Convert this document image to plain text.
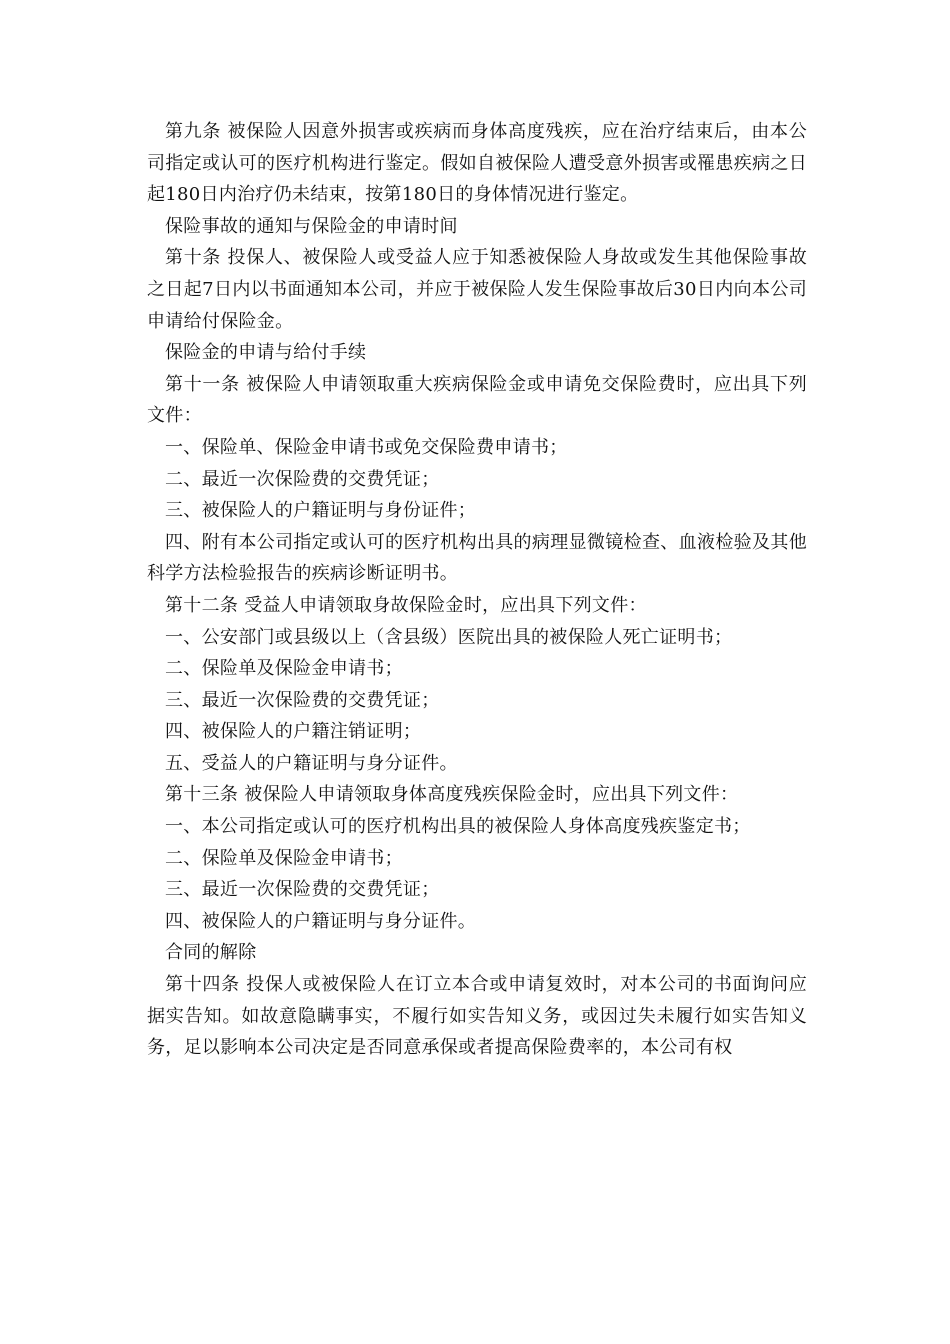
第九条 被保险人因意外损害或疾病而身体高度残疾，应在治疗结束后，由本公司指定或认可的医疗机构进行鉴定。假如自被保险人遭受意外损害或罹患疾病之日起180日内治疗仍未结束，按第180日的身体情况进行鉴定。

保险事故的通知与保险金的申请时间

第十条 投保人、被保险人或受益人应于知悉被保险人身故或发生其他保险事故之日起7日内以书面通知本公司，并应于被保险人发生保险事故后30日内向本公司申请给付保险金。

保险金的申请与给付手续

第十一条 被保险人申请领取重大疾病保险金或申请免交保险费时，应出具下列文件：

一、保险单、保险金申请书或免交保险费申请书；

二、最近一次保险费的交费凭证；

三、被保险人的户籍证明与身份证件；

四、附有本公司指定或认可的医疗机构出具的病理显微镜检查、血液检验及其他科学方法检验报告的疾病诊断证明书。

第十二条 受益人申请领取身故保险金时，应出具下列文件：

一、公安部门或县级以上（含县级）医院出具的被保险人死亡证明书；

二、保险单及保险金申请书；

三、最近一次保险费的交费凭证；

四、被保险人的户籍注销证明；

五、受益人的户籍证明与身分证件。

第十三条 被保险人申请领取身体高度残疾保险金时，应出具下列文件：

一、本公司指定或认可的医疗机构出具的被保险人身体高度残疾鉴定书；

二、保险单及保险金申请书；

三、最近一次保险费的交费凭证；

四、被保险人的户籍证明与身分证件。

合同的解除

第十四条 投保人或被保险人在订立本合或申请复效时，对本公司的书面询问应据实告知。如故意隐瞒事实，不履行如实告知义务，或因过失未履行如实告知义务，足以影响本公司决定是否同意承保或者提高保险费率的，本公司有权
